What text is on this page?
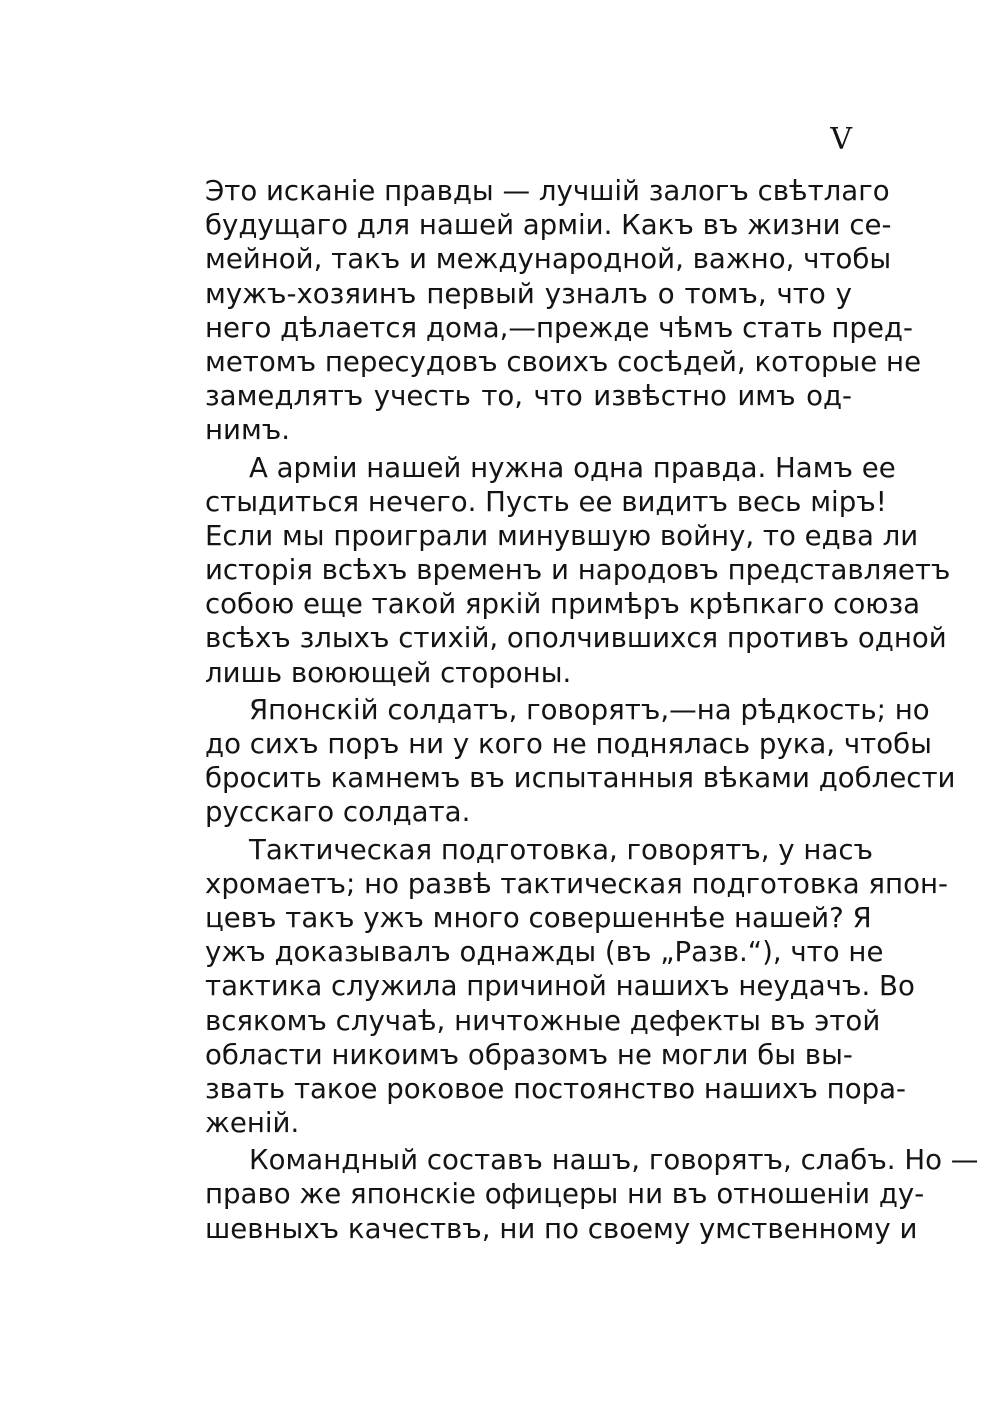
V
Это исканіе правды — лучшій залогъ свѣтлаго
будущаго для нашей арміи. Какъ въ жизни се-
мейной, такъ и международной, важно, чтобы
мужъ-хозяинъ первый узналъ о томъ, что у
него дѣлается дома,—прежде чѣмъ стать пред-
метомъ пересудовъ своихъ сосѣдей, которые не
замедлятъ учесть то, что извѣстно имъ од-
нимъ.
А арміи нашей нужна одна правда. Намъ ее
стыдиться нечего. Пусть ее видитъ весь міръ!
Если мы проиграли минувшую войну, то едва ли
исторія всѣхъ временъ и народовъ представляетъ
собою еще такой яркій примѣръ крѣпкаго союза
всѣхъ злыхъ стихій, ополчившихся противъ одной
лишь воюющей стороны.
Японскій солдатъ, говорятъ,—на рѣдкость; но
до сихъ поръ ни у кого не поднялась рука, чтобы
бросить камнемъ въ испытанныя вѣками доблести
русскаго солдата.
Тактическая подготовка, говорятъ, у насъ
хромаетъ; но развѣ тактическая подготовка япон-
цевъ такъ ужъ много совершеннѣе нашей? Я
ужъ доказывалъ однажды (въ „Разв.“), что не
тактика служила причиной нашихъ неудачъ. Во
всякомъ случаѣ, ничтожные дефекты въ этой
области никоимъ образомъ не могли бы вы-
звать такое роковое постоянство нашихъ пора-
женій.
Командный составъ нашъ, говорятъ, слабъ. Но —
право же японскіе офицеры ни въ отношеніи ду-
шевныхъ качествъ, ни по своему умственному и
